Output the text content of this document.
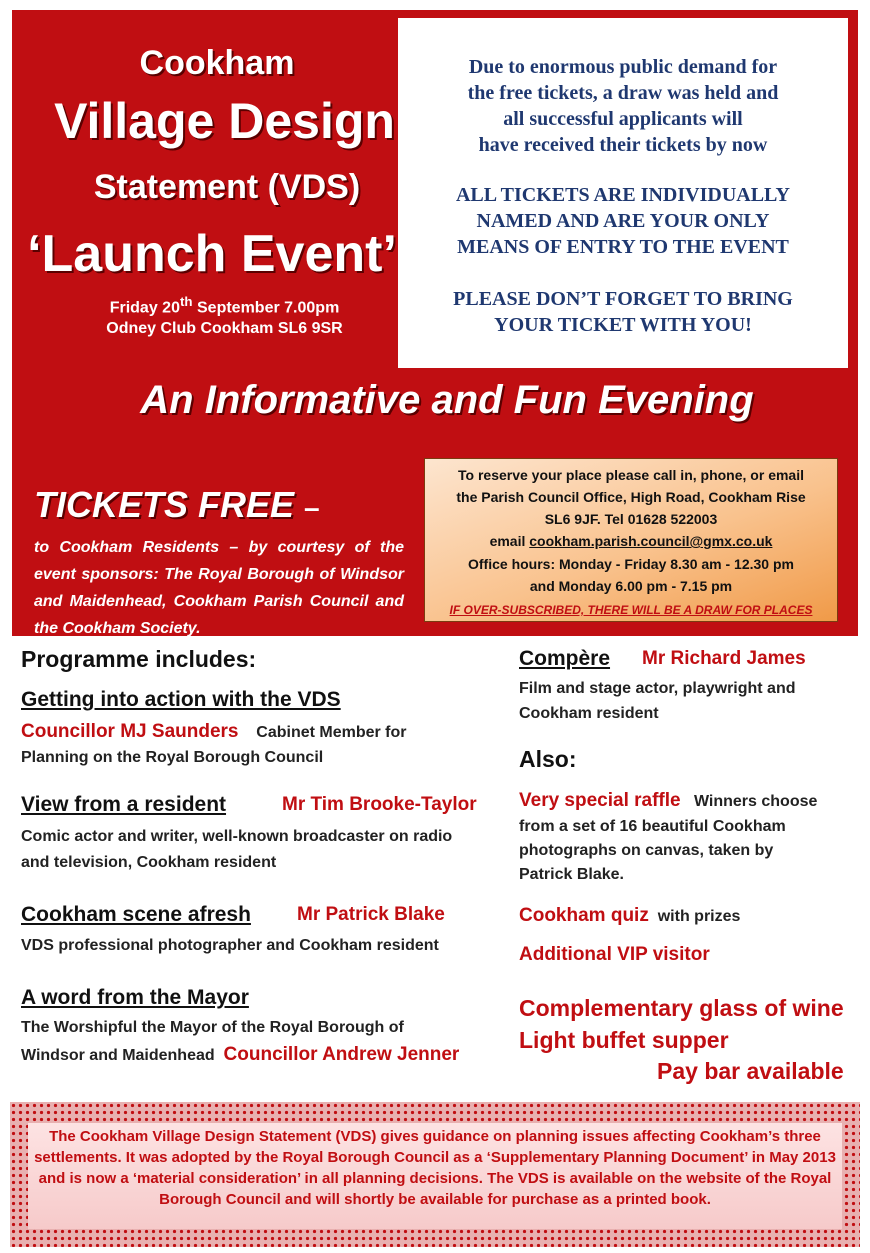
Cookham
Village Design
Statement (VDS)
‘Launch Event’
Friday 20th September 7.00pm
Odney Club Cookham SL6 9SR
An Informative and Fun Evening
TICKETS FREE –
to Cookham Residents – by courtesy of the event sponsors: The Royal Borough of Windsor and Maidenhead, Cookham Parish Council and the Cookham Society.

Due to enormous public demand for

the free tickets, a draw was held and

all successful applicants will

have received their tickets by now

ALL TICKETS ARE INDIVIDUALLY

NAMED AND ARE YOUR ONLY

MEANS OF ENTRY TO THE EVENT

PLEASE DON’T FORGET TO BRING

YOUR TICKET WITH YOU!

To reserve your place please call in, phone, or email
the Parish Council Office, High Road, Cookham Rise
SL6 9JF. Tel 01628 522003
email cookham.parish.council@gmx.co.uk
Office hours: Monday - Friday 8.30 am - 12.30 pm
and Monday 6.00 pm - 7.15 pm
IF OVER-SUBSCRIBED, THERE WILL BE A DRAW FOR PLACES
Programme includes:
Getting into action with the VDS
Councillor MJ Saunders Cabinet Member for
Planning on the Royal Borough Council
View from a resident	Mr Tim Brooke-Taylor
Comic actor and writer, well-known broadcaster on radio
and television, Cookham resident
Cookham scene afresh Mr Patrick Blake
VDS professional photographer and Cookham resident
A word from the Mayor
The Worshipful the Mayor of the Royal Borough of
Windsor and Maidenhead Councillor Andrew Jenner
Compère Mr Richard James
Film and stage actor, playwright and
Cookham resident
Also:
Very special raffle Winners choose
from a set of 16 beautiful Cookham
photographs on canvas, taken by
Patrick Blake.
Cookham quiz with prizes
Additional VIP visitor
Complementary glass of wine
Light buffet supper
Pay bar available

The Cookham Village Design Statement (VDS) gives guidance on planning issues affecting Cookham’s three settlements. It was adopted by the Royal Borough Council as a ‘Supplementary Planning Document’ in May 2013 and is now a ‘material consideration’ in all planning decisions. The VDS is available on the website of the Royal Borough Council and will shortly be available for purchase as a printed book.
